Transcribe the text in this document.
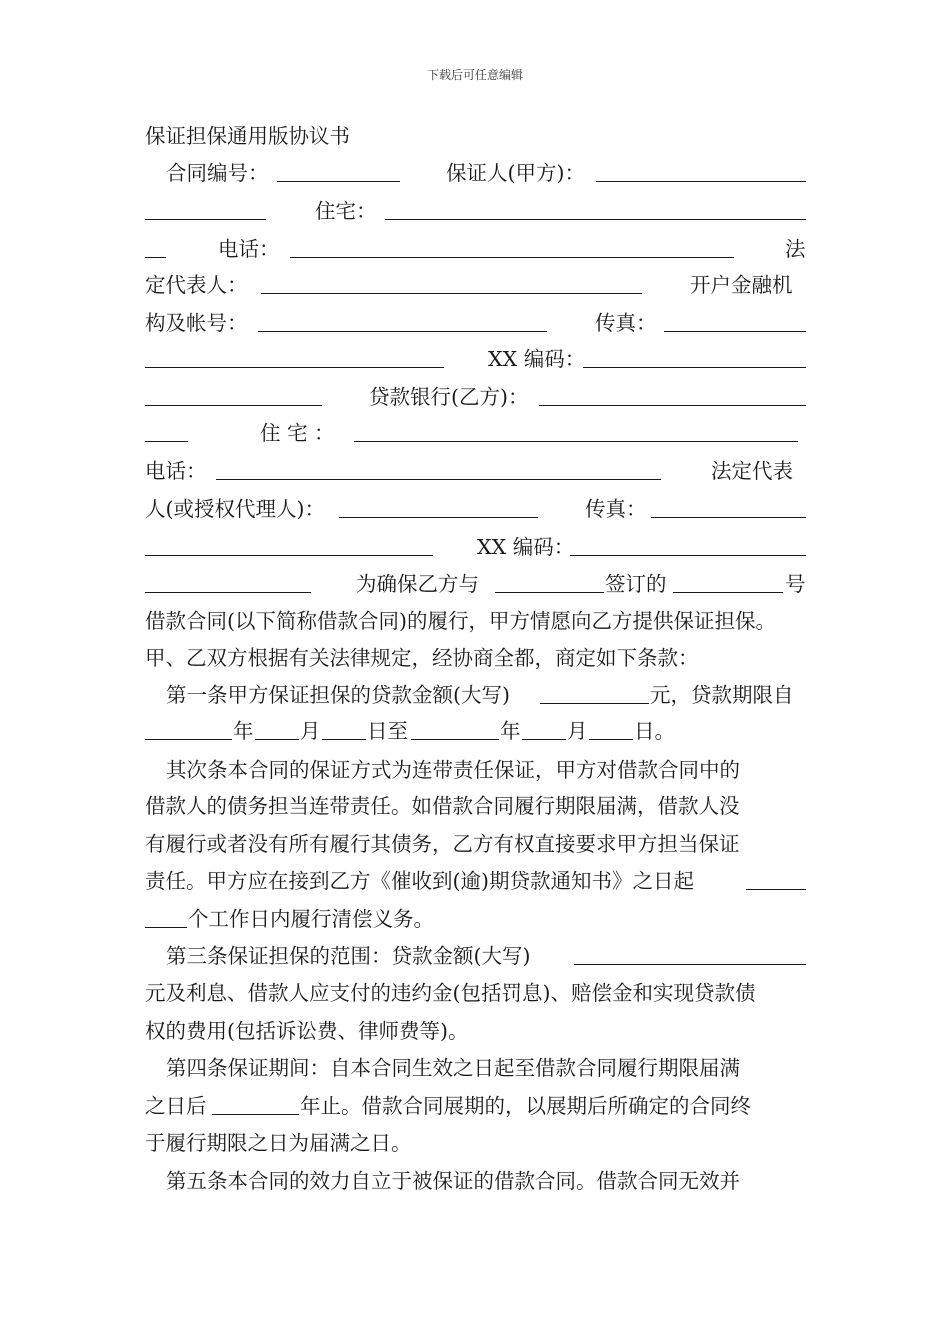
下载后可任意编辑
保证担保通用版协议书
合同编号：	保证人(甲方)：
住宅：
电话：	法
定代表人：	开户金融机
构及帐号：	传真：
XX 编码：
贷款银行(乙方)：
住 宅 ：
电话：	法定代表
人(或授权代理人)：	传真：
XX 编码：
为确保乙方与	签订的	号
借款合同(以下简称借款合同)的履行，甲方情愿向乙方提供保证担保。
甲、乙双方根据有关法律规定，经协商全都，商定如下条款：
第一条甲方保证担保的贷款金额(大写)	元，贷款期限自
年 月 日至	年 月 日。
其次条本合同的保证方式为连带责任保证，甲方对借款合同中的
借款人的债务担当连带责任。如借款合同履行期限届满，借款人没
有履行或者没有所有履行其债务，乙方有权直接要求甲方担当保证
责任。甲方应在接到乙方《催收到(逾)期贷款通知书》之日起
个工作日内履行清偿义务。
第三条保证担保的范围：贷款金额(大写)
元及利息、借款人应支付的违约金(包括罚息)、赔偿金和实现贷款债
权的费用(包括诉讼费、律师费等)。
第四条保证期间：自本合同生效之日起至借款合同履行期限届满
之日后	年止。借款合同展期的，以展期后所确定的合同终
于履行期限之日为届满之日。
第五条本合同的效力自立于被保证的借款合同。借款合同无效并
